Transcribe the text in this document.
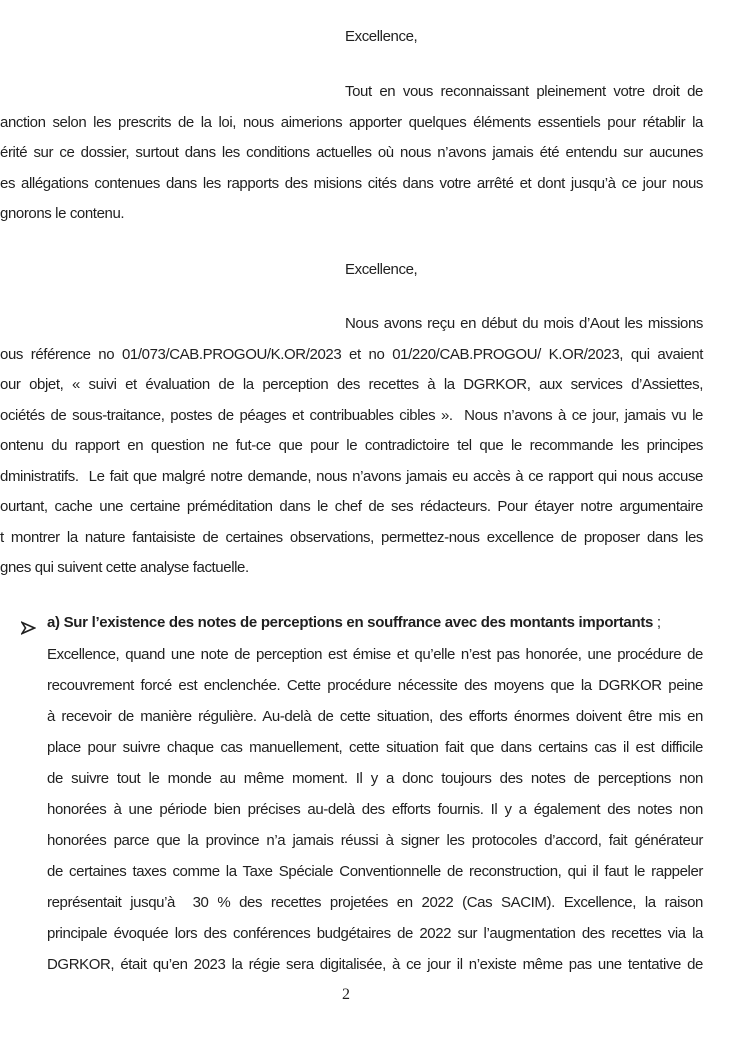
Excellence,
Tout en vous reconnaissant pleinement votre droit de
anction selon les prescrits de la loi, nous aimerions apporter quelques éléments essentiels pour rétablir la
érité sur ce dossier, surtout dans les conditions actuelles où nous n’avons jamais été entendu sur aucunes
es allégations contenues dans les rapports des misions cités dans votre arrêté et dont jusqu’à ce jour nous
gnorons le contenu.
Excellence,
Nous avons reçu en début du mois d’Aout les missions
ous référence no 01/073/CAB.PROGOU/K.OR/2023 et no 01/220/CAB.PROGOU/ K.OR/2023, qui avaient
our objet, « suivi et évaluation de la perception des recettes à la DGRKOR, aux services d’Assiettes,
ociétés de sous-traitance, postes de péages et contribuables cibles ».  Nous n’avons à ce jour, jamais vu le
ontenu du rapport en question ne fut-ce que pour le contradictoire tel que le recommande les principes
dministratifs.  Le fait que malgré notre demande, nous n’avons jamais eu accès à ce rapport qui nous accuse
ourtant, cache une certaine préméditation dans le chef de ses rédacteurs. Pour étayer notre argumentaire
t montrer la nature fantaisiste de certaines observations, permettez-nous excellence de proposer dans les
gnes qui suivent cette analyse factuelle.
a) Sur l’existence des notes de perceptions en souffrance avec des montants importants ;
Excellence, quand une note de perception est émise et qu’elle n’est pas honorée, une procédure de
recouvrement forcé est enclenchée. Cette procédure nécessite des moyens que la DGRKOR peine
à recevoir de manière régulière. Au-delà de cette situation, des efforts énormes doivent être mis en
place pour suivre chaque cas manuellement, cette situation fait que dans certains cas il est difficile
de suivre tout le monde au même moment. Il y a donc toujours des notes de perceptions non
honorées à une période bien précises au-delà des efforts fournis. Il y a également des notes non
honorées parce que la province n’a jamais réussi à signer les protocoles d’accord, fait générateur
de certaines taxes comme la Taxe Spéciale Conventionnelle de reconstruction, qui il faut le rappeler
représentait jusqu’à  30 % des recettes projetées en 2022 (Cas SACIM). Excellence, la raison
principale évoquée lors des conférences budgétaires de 2022 sur l’augmentation des recettes via la
DGRKOR, était qu’en 2023 la régie sera digitalisée, à ce jour il n’existe même pas une tentative de
2
